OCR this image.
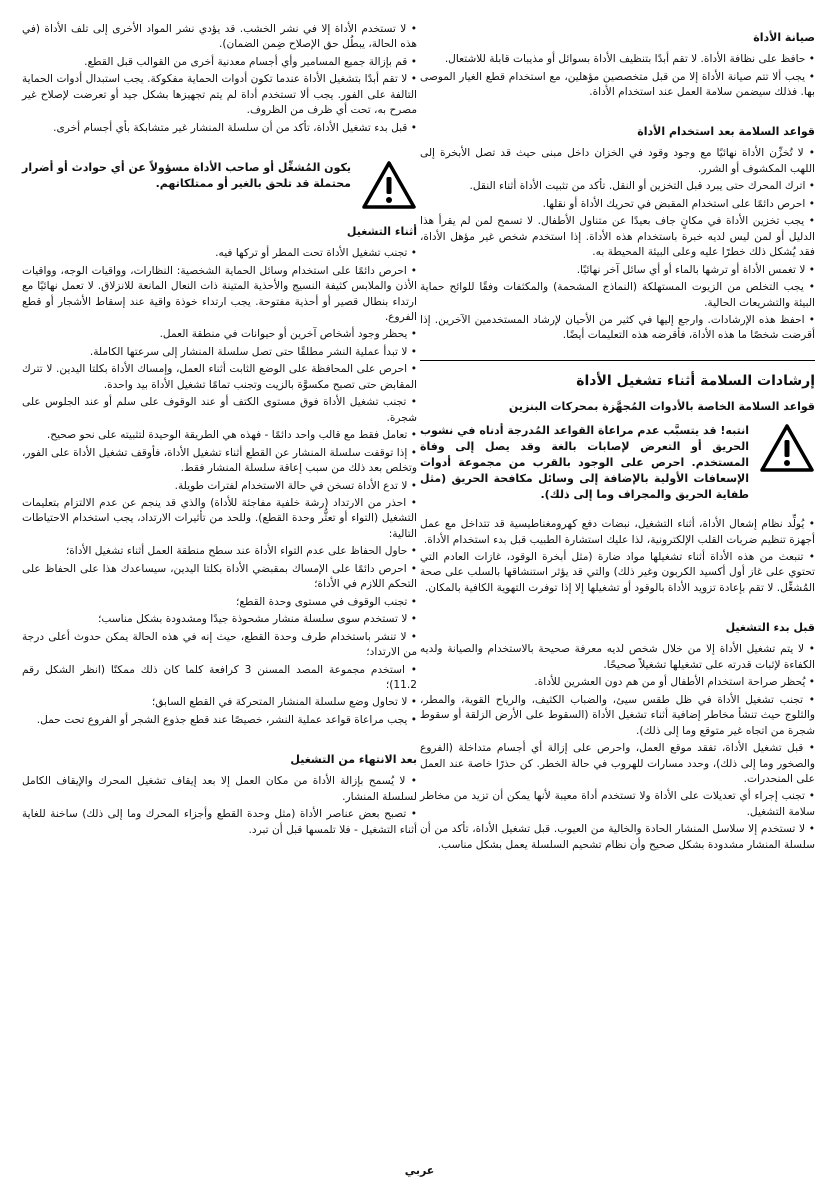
صيانة الأداة

• حافظ على نظافة الأداة. لا تقم أبدًا بتنظيف الأداة بسوائل أو مذيبات قابلة للاشتعال.

• يجب ألا تتم صيانة الأداة إلا من قبل متخصصين مؤهلين، مع استخدام قطع الغيار الموصى بها. فذلك سيضمن سلامة العمل عند استخدام الأداة.

قواعد السلامة بعد استخدام الأداة

• لا تُخزِّن الأداة نهائيًا مع وجود وقود في الخزان داخل مبنى حيث قد تصل الأبخرة إلى اللهب المكشوف أو الشرر.

• اترك المحرك حتى يبرد قبل التخزين أو النقل. تأكد من تثبيت الأداة أثناء النقل.

• احرص دائمًا على استخدام المقبض في تحريك الأداة أو نقلها.

• يجب تخزين الأداة في مكانٍ جاف بعيدًا عن متناول الأطفال. لا تسمح لمن لم يقرأ هذا الدليل أو لمن ليس لديه خبرة باستخدام هذه الأداة. إذا استخدم شخص غير مؤهل الأداة، فقد يُشكل ذلك خطرًا عليه وعلى البيئة المحيطة به.

• لا تغمس الأداة أو ترشها بالماء أو أي سائل آخر نهائيًا.

• يجب التخلص من الزيوت المستهلكة (النماذج المشحمة) والمكثفات وفقًا للوائح حماية البيئة والتشريعات الحالية.

• احفظ هذه الإرشادات. وارجع إليها في كثير من الأحيان لإرشاد المستخدمين الآخرين. إذا أقرضت شخصًا ما هذه الأداة، فأقرضه هذه التعليمات أيضًا.

إرشادات السلامة أثناء تشغيل الأداة
قواعد السلامة الخاصة بالأدوات المُجهَّزة بمحركات البنزين
انتبه! قد يتسبَّب عدم مراعاة القواعد المُدرجة أدناه في نشوب الحريق أو التعرض لإصابات بالغة وقد يصل إلى وفاة المستخدم. احرص على الوجود بالقرب من مجموعة أدوات الإسعافات الأولية بالإضافة إلى وسائل مكافحة الحريق (مثل طفاية الحريق والمجراف وما إلى ذلك).

• يُولِّد نظام إشعال الأداة، أثناء التشغيل، نبضات دفع كهرومغناطيسية قد تتداخل مع عمل أجهزة تنظيم ضربات القلب الإلكترونية، لذا عليك استشارة الطبيب قبل بدء استخدام الأداة.

• تنبعث من هذه الأداة أثناء تشغيلها مواد ضارة (مثل أبخرة الوقود، غازات العادم التي تحتوي على غاز أول أكسيد الكربون وغير ذلك) والتي قد يؤثر استنشاقها بالسلب على صحة المُشغِّل. لا تقم بإعادة تزويد الأداة بالوقود أو تشغيلها إلا إذا توفرت التهوية الكافية بالمكان.

قبل بدء التشغيل

• لا يتم تشغيل الأداة إلا من خلال شخص لديه معرفة صحيحة بالاستخدام والصيانة ولديه الكفاءة لإثبات قدرته على تشغيلها تشغيلاً صحيحًا.

• يُحظر صراحة استخدام الأطفال أو من هم دون العشرين للأداة.

• تجنب تشغيل الأداة في ظل طقس سيئ، والضباب الكثيف، والرياح القوية، والمطر، والثلوج حيث تنشأ مخاطر إضافية أثناء تشغيل الأداة (السقوط على الأرض الزلقة أو سقوط شجرة من اتجاه غير متوقع وما إلى ذلك).

• قبل تشغيل الأداة، تفقد موقع العمل، واحرص على إزالة أي أجسام متداخلة (الفروع والصخور وما إلى ذلك)، وحدد مسارات للهروب في حالة الخطر. كن حذرًا خاصة عند العمل على المنحدرات.

• تجنب إجراء أي تعديلات على الأداة ولا تستخدم أداة معيبة لأنها يمكن أن تزيد من مخاطر سلامة التشغيل.

• لا تستخدم إلا سلاسل المنشار الحادة والخالية من العيوب. قبل تشغيل الأداة، تأكد من أن سلسلة المنشار مشدودة بشكل صحيح وأن نظام تشحيم السلسلة يعمل بشكل مناسب.

• لا تستخدم الأداة إلا في نشر الخشب. قد يؤدي نشر المواد الأخرى إلى تلف الأداة (في هذه الحالة، يبطُل حق الإصلاح ضِمن الضمان).

• قم بإزالة جميع المسامير وأي أجسام معدنية أخرى من القوالب قبل القطع.

• لا تقم أبدًا بتشغيل الأداة عندما تكون أدوات الحماية مفكوكة. يجب استبدال أدوات الحماية التالفة على الفور. يجب ألا تستخدم أداة لم يتم تجهيزها بشكل جيد أو تعرضت لإصلاح غير مصرح به، تحت أي ظرف من الظروف.

• قبل بدء تشغيل الأداة، تأكد من أن سلسلة المنشار غير متشابكة بأي أجسام أخرى.

يكون المُشغِّل أو صاحب الأداة مسؤولاً عن أي حوادث أو أضرار محتملة قد تلحق بالغير أو ممتلكاتهم.
أثناء التشغيل

• تجنب تشغيل الأداة تحت المطر أو تركها فيه.

• احرص دائمًا على استخدام وسائل الحماية الشخصية: النظارات، وواقيات الوجه، وواقيات الأذن والملابس كثيفة النسيج والأحذية المتينة ذات النعال المانعة للانزلاق. لا تعمل نهائيًا مع ارتداء بنطال قصير أو أحذية مفتوحة. يجب ارتداء خوذة واقية عند إسقاط الأشجار أو قطع الفروع.

• يحظر وجود أشخاص آخرين أو حيوانات في منطقة العمل.

• لا تبدأ عملية النشر مطلقًا حتى تصل سلسلة المنشار إلى سرعتها الكاملة.

• احرص على المحافظة على الوضع الثابت أثناء العمل، وإمساك الأداة بكلتا اليدين. لا تترك المقابض حتى تصبح مكسوَّة بالزيت وتجنب تمامًا تشغيل الأداة بيد واحدة.

• تجنب تشغيل الأداة فوق مستوى الكتف أو عند الوقوف على سلم أو عند الجلوس على شجرة.

• تعامل فقط مع قالب واحد دائمًا - فهذه هي الطريقة الوحيدة لتثبيته على نحو صحيح.

• إذا توقفت سلسلة المنشار عن القطع أثناء تشغيل الأداة، فأوقف تشغيل الأداة على الفور، وتخلص بعد ذلك من سبب إعاقة سلسلة المنشار فقط.

• لا تدع الأداة تسخن في حالة الاستخدام لفترات طويلة.

• احذر من الارتداد (رشة خلفية مفاجئة للأداة) والذي قد ينجم عن عدم الالتزام بتعليمات التشغيل (التواء أو تعثُّر وحدة القطع). وللحد من تأثيرات الارتداد، يجب استخدام الاحتياطات التالية:

• حاول الحفاظ على عدم التواء الأداة عند سطح منطقة العمل أثناء تشغيل الأداة؛

• احرص دائمًا على الإمساك بمقبضي الأداة بكلتا اليدين، سيساعدك هذا على الحفاظ على التحكم اللازم في الأداة؛

• تجنب الوقوف في مستوى وحدة القطع؛

• لا تستخدم سوى سلسلة منشار مشحوذة جيدًا ومشدودة بشكل مناسب؛

• لا تنشر باستخدام طرف وحدة القطع، حيث إنه في هذه الحالة يمكن حدوث أعلى درجة من الارتداد؛

• استخدم مجموعة المصد المسنن 3 كرافعة كلما كان ذلك ممكنًا (انظر الشكل رقم 11.2)؛

• لا تحاول وضع سلسلة المنشار المتحركة في القطع السابق؛

• يجب مراعاة قواعد عملية النشر، خصيصًا عند قطع جذوع الشجر أو الفروع تحت حمل.

بعد الانتهاء من التشغيل

• لا يُسمح بإزالة الأداة من مكان العمل إلا بعد إيقاف تشغيل المحرك والإيقاف الكامل لسلسلة المنشار.

• تصبح بعض عناصر الأداة (مثل وحدة القطع وأجزاء المحرك وما إلى ذلك) ساخنة للغاية أثناء التشغيل - فلا تلمسها قبل أن تبرد.

عربي
